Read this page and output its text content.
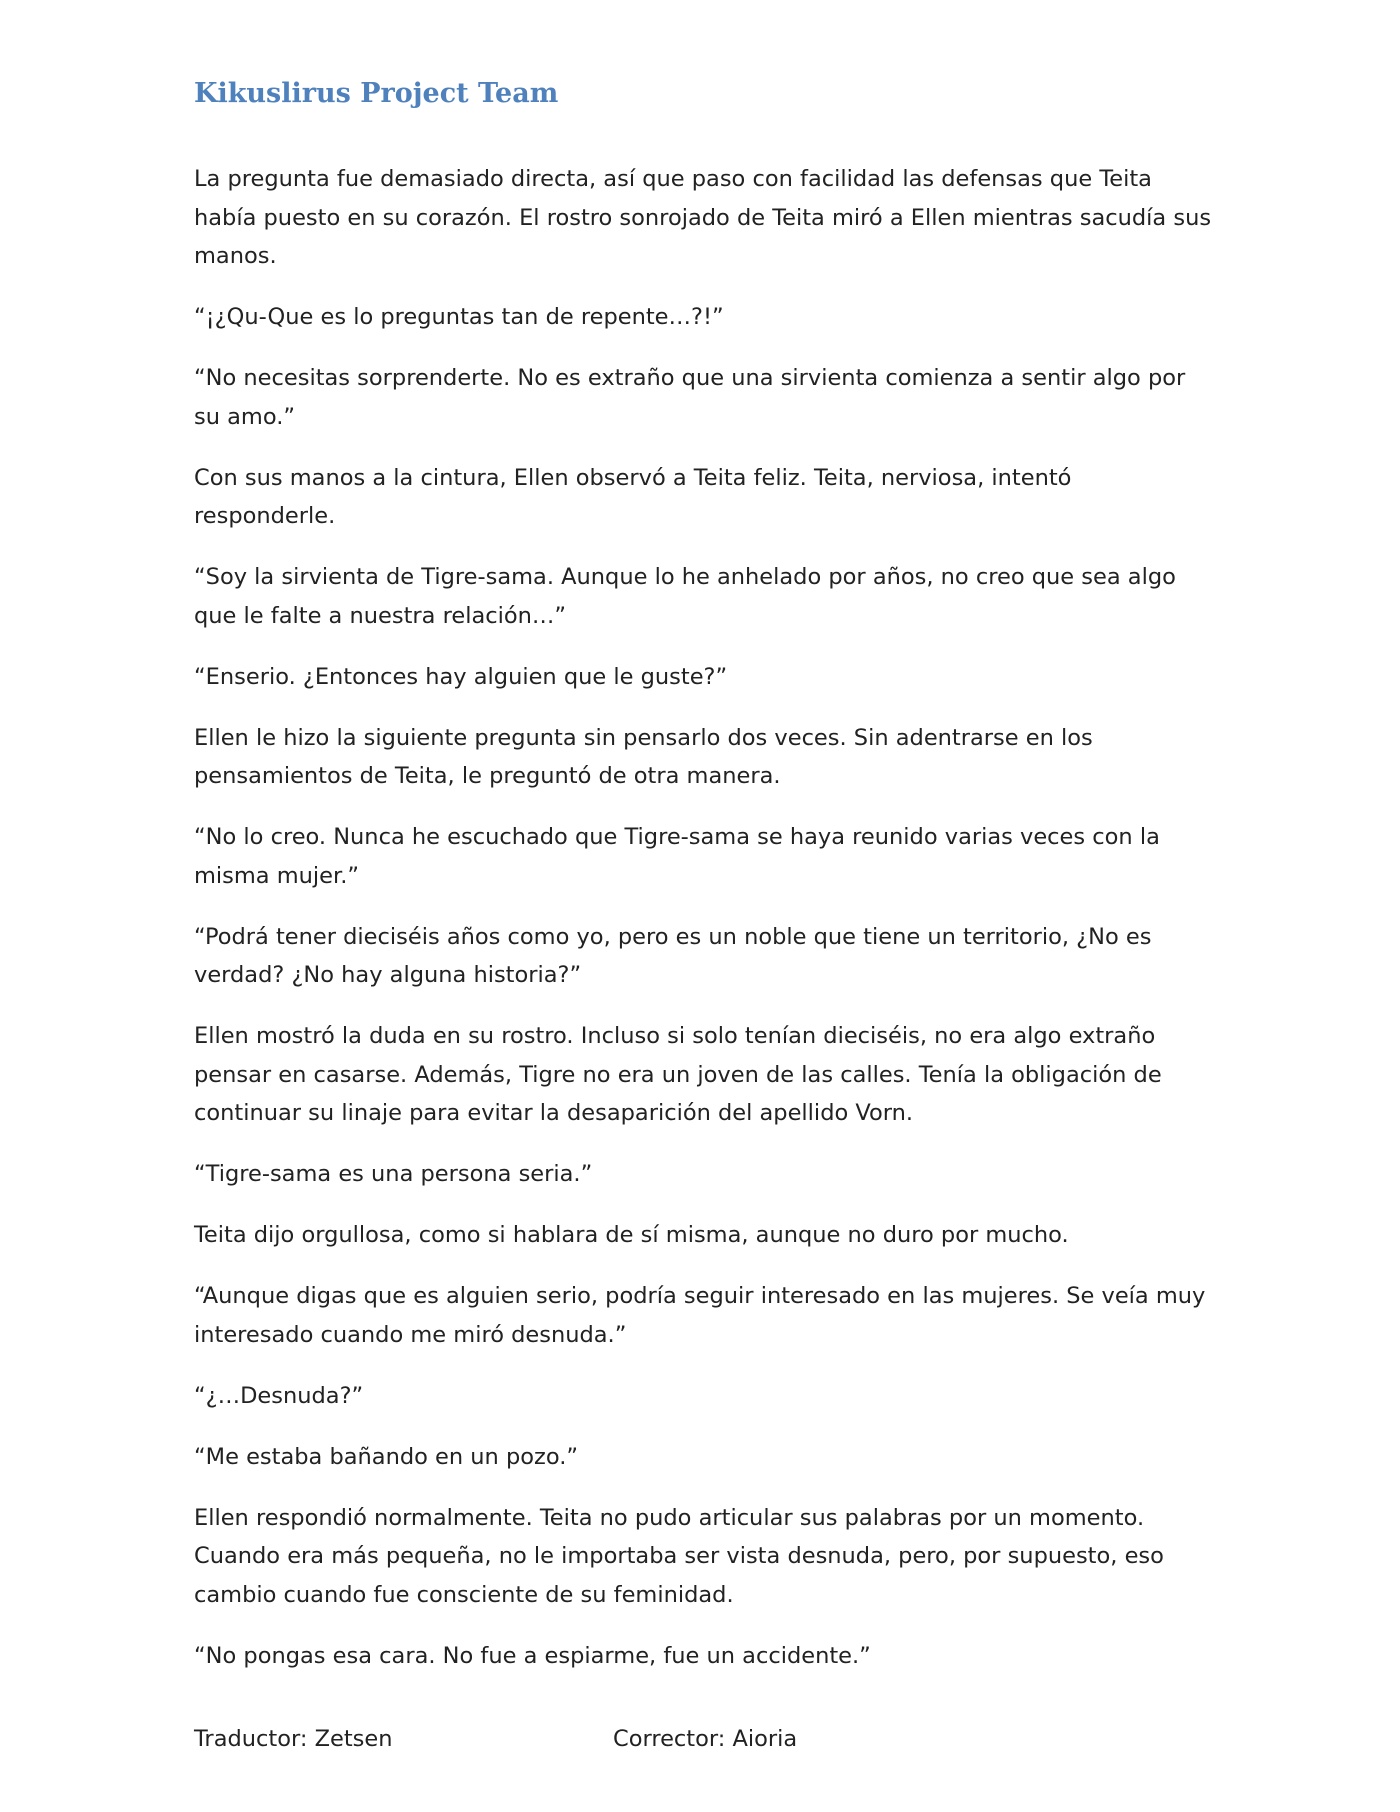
Kikuslirus Project Team

La pregunta fue demasiado directa, así que paso con facilidad las defensas que Teita había puesto en su corazón. El rostro sonrojado de Teita miró a Ellen mientras sacudía sus manos.

“¡¿Qu-Que es lo preguntas tan de repente…?!”

“No necesitas sorprenderte. No es extraño que una sirvienta comienza a sentir algo por su amo.”

Con sus manos a la cintura, Ellen observó a Teita feliz. Teita, nerviosa, intentó responderle.

“Soy la sirvienta de Tigre-sama. Aunque lo he anhelado por años, no creo que sea algo que le falte a nuestra relación…”

“Enserio. ¿Entonces hay alguien que le guste?”

Ellen le hizo la siguiente pregunta sin pensarlo dos veces. Sin adentrarse en los pensamientos de Teita, le preguntó de otra manera.

“No lo creo. Nunca he escuchado que Tigre-sama se haya reunido varias veces con la misma mujer.”

“Podrá tener dieciséis años como yo, pero es un noble que tiene un territorio, ¿No es verdad? ¿No hay alguna historia?”

Ellen mostró la duda en su rostro. Incluso si solo tenían dieciséis, no era algo extraño pensar en casarse. Además, Tigre no era un joven de las calles. Tenía la obligación de continuar su linaje para evitar la desaparición del apellido Vorn.

“Tigre-sama es una persona seria.”

Teita dijo orgullosa, como si hablara de sí misma, aunque no duro por mucho.

“Aunque digas que es alguien serio, podría seguir interesado en las mujeres. Se veía muy interesado cuando me miró desnuda.”

“¿…Desnuda?”

“Me estaba bañando en un pozo.”

Ellen respondió normalmente. Teita no pudo articular sus palabras por un momento. Cuando era más pequeña, no le importaba ser vista desnuda, pero, por supuesto, eso cambio cuando fue consciente de su feminidad.

“No pongas esa cara. No fue a espiarme, fue un accidente.”

Traductor: Zetsen	Corrector: Aioria
